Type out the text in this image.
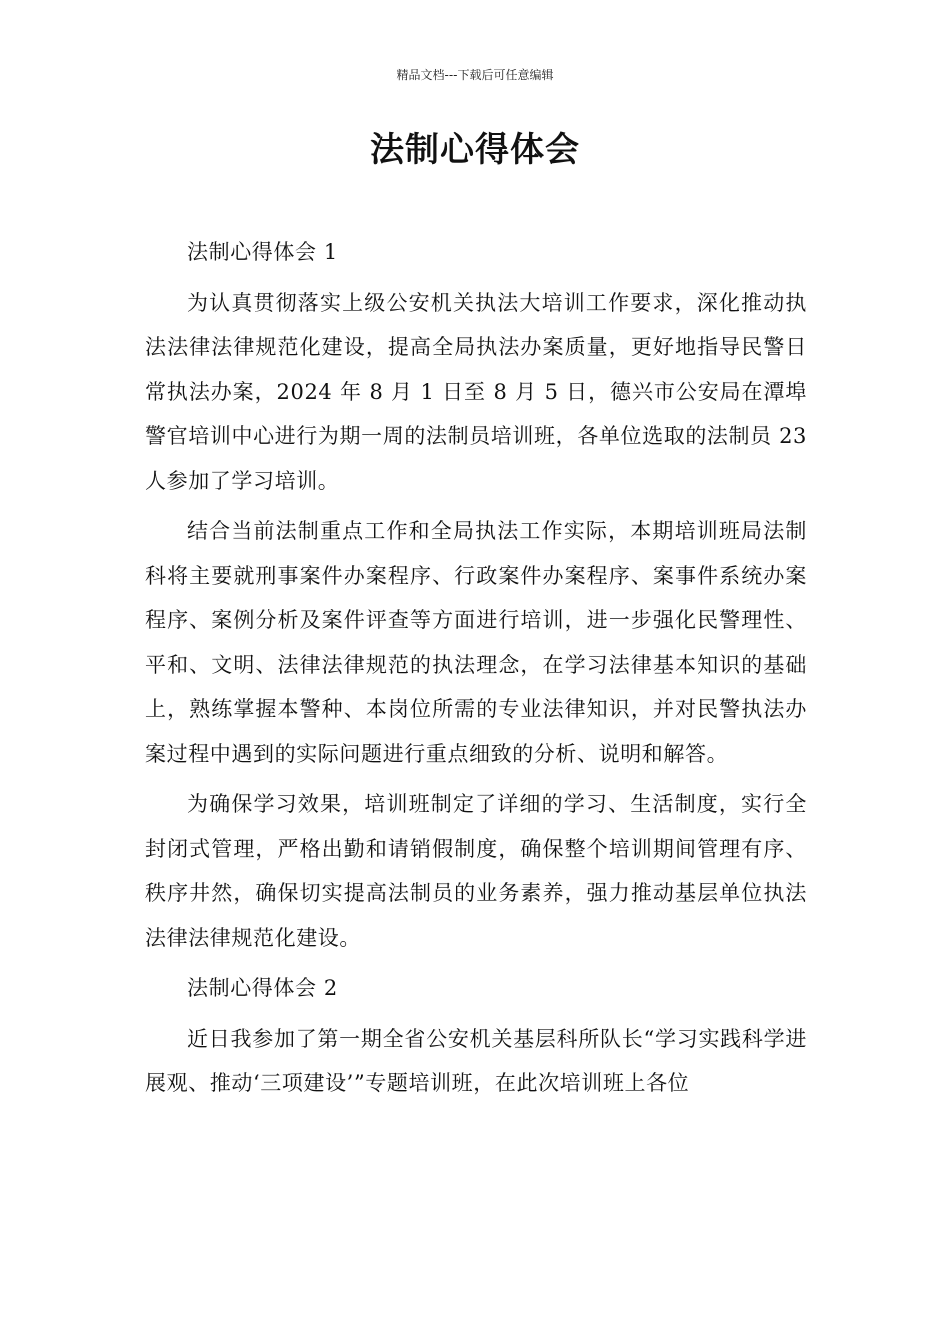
精品文档---下载后可任意编辑
法制心得体会

法制心得体会 1

为认真贯彻落实上级公安机关执法大培训工作要求，深化推动执法法律法律规范化建设，提高全局执法办案质量，更好地指导民警日常执法办案，2024 年 8 月 1 日至 8 月 5 日，德兴市公安局在潭埠警官培训中心进行为期一周的法制员培训班，各单位选取的法制员 23 人参加了学习培训。

结合当前法制重点工作和全局执法工作实际，本期培训班局法制科将主要就刑事案件办案程序、行政案件办案程序、案事件系统办案程序、案例分析及案件评查等方面进行培训，进一步强化民警理性、平和、文明、法律法律规范的执法理念，在学习法律基本知识的基础上，熟练掌握本警种、本岗位所需的专业法律知识，并对民警执法办案过程中遇到的实际问题进行重点细致的分析、说明和解答。

为确保学习效果，培训班制定了详细的学习、生活制度，实行全封闭式管理，严格出勤和请销假制度，确保整个培训期间管理有序、秩序井然，确保切实提高法制员的业务素养，强力推动基层单位执法法律法律规范化建设。

法制心得体会 2

近日我参加了第一期全省公安机关基层科所队长“学习实践科学进展观、推动‘三项建设’”专题培训班，在此次培训班上各位
